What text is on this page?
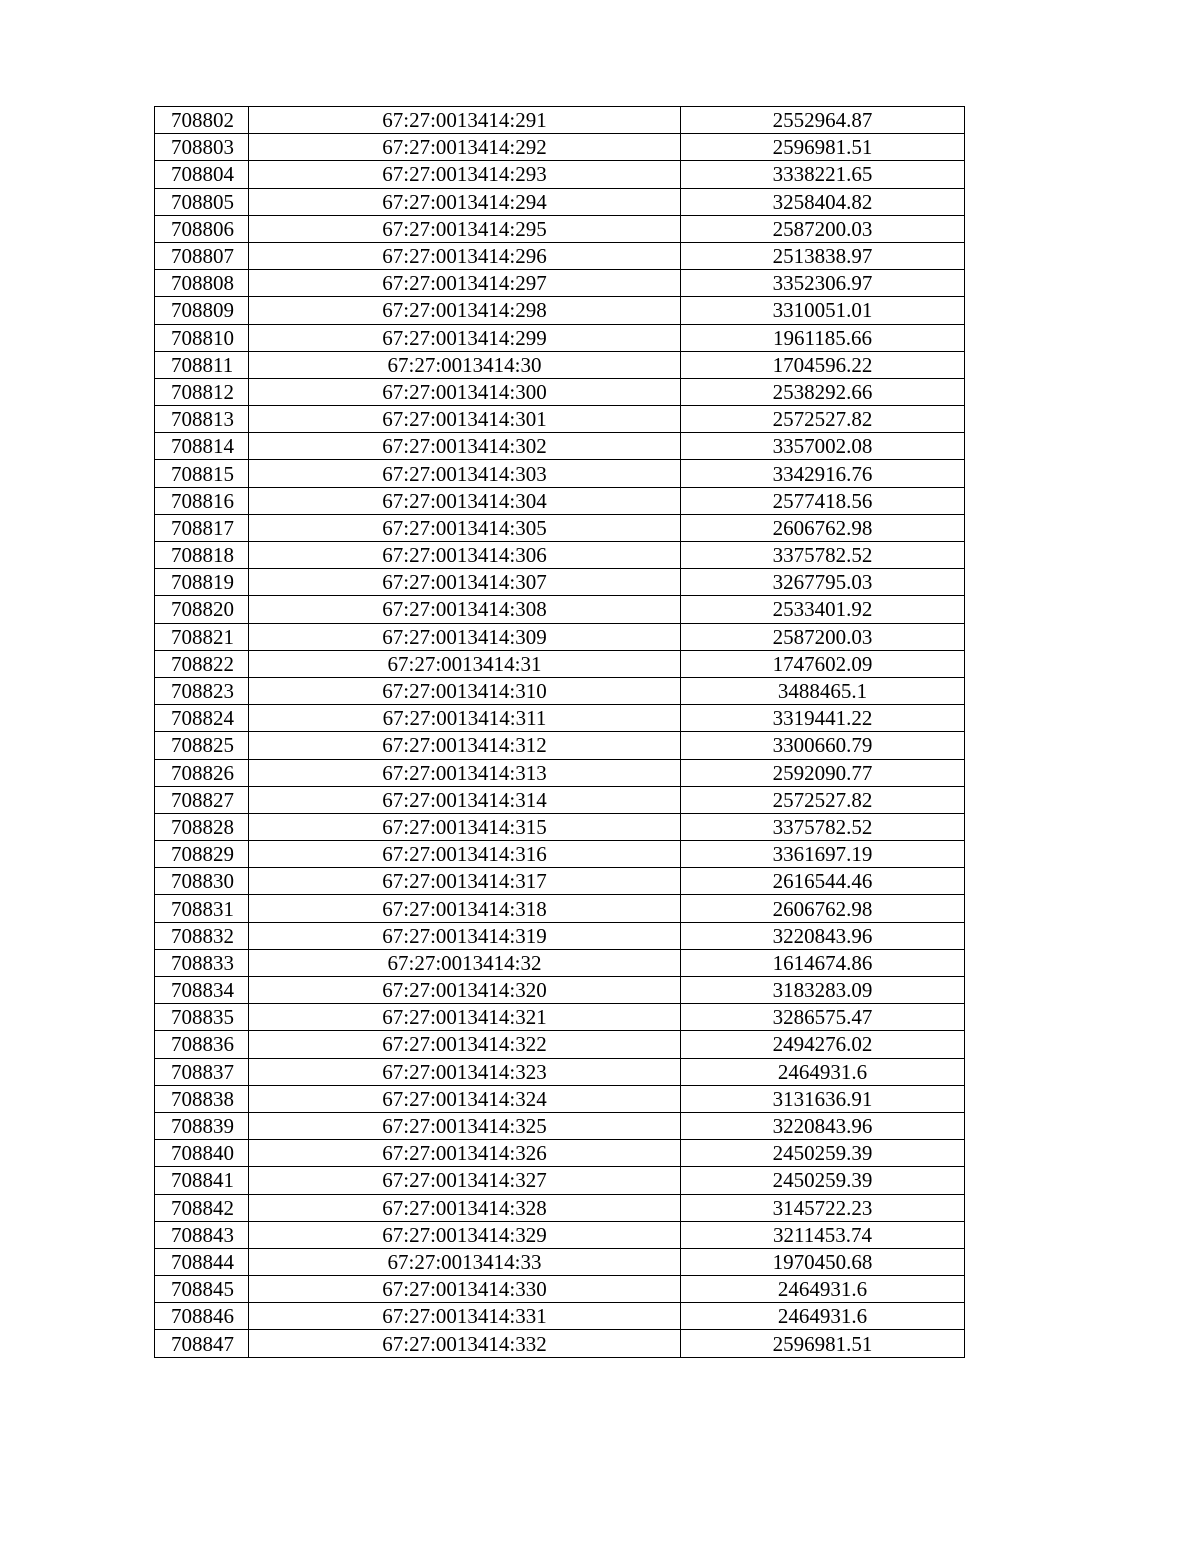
708802	67:27:0013414:291	2552964.87
708803	67:27:0013414:292	2596981.51
708804	67:27:0013414:293	3338221.65
708805	67:27:0013414:294	3258404.82
708806	67:27:0013414:295	2587200.03
708807	67:27:0013414:296	2513838.97
708808	67:27:0013414:297	3352306.97
708809	67:27:0013414:298	3310051.01
708810	67:27:0013414:299	1961185.66
708811	67:27:0013414:30	1704596.22
708812	67:27:0013414:300	2538292.66
708813	67:27:0013414:301	2572527.82
708814	67:27:0013414:302	3357002.08
708815	67:27:0013414:303	3342916.76
708816	67:27:0013414:304	2577418.56
708817	67:27:0013414:305	2606762.98
708818	67:27:0013414:306	3375782.52
708819	67:27:0013414:307	3267795.03
708820	67:27:0013414:308	2533401.92
708821	67:27:0013414:309	2587200.03
708822	67:27:0013414:31	1747602.09
708823	67:27:0013414:310	3488465.1
708824	67:27:0013414:311	3319441.22
708825	67:27:0013414:312	3300660.79
708826	67:27:0013414:313	2592090.77
708827	67:27:0013414:314	2572527.82
708828	67:27:0013414:315	3375782.52
708829	67:27:0013414:316	3361697.19
708830	67:27:0013414:317	2616544.46
708831	67:27:0013414:318	2606762.98
708832	67:27:0013414:319	3220843.96
708833	67:27:0013414:32	1614674.86
708834	67:27:0013414:320	3183283.09
708835	67:27:0013414:321	3286575.47
708836	67:27:0013414:322	2494276.02
708837	67:27:0013414:323	2464931.6
708838	67:27:0013414:324	3131636.91
708839	67:27:0013414:325	3220843.96
708840	67:27:0013414:326	2450259.39
708841	67:27:0013414:327	2450259.39
708842	67:27:0013414:328	3145722.23
708843	67:27:0013414:329	3211453.74
708844	67:27:0013414:33	1970450.68
708845	67:27:0013414:330	2464931.6
708846	67:27:0013414:331	2464931.6
708847	67:27:0013414:332	2596981.51
